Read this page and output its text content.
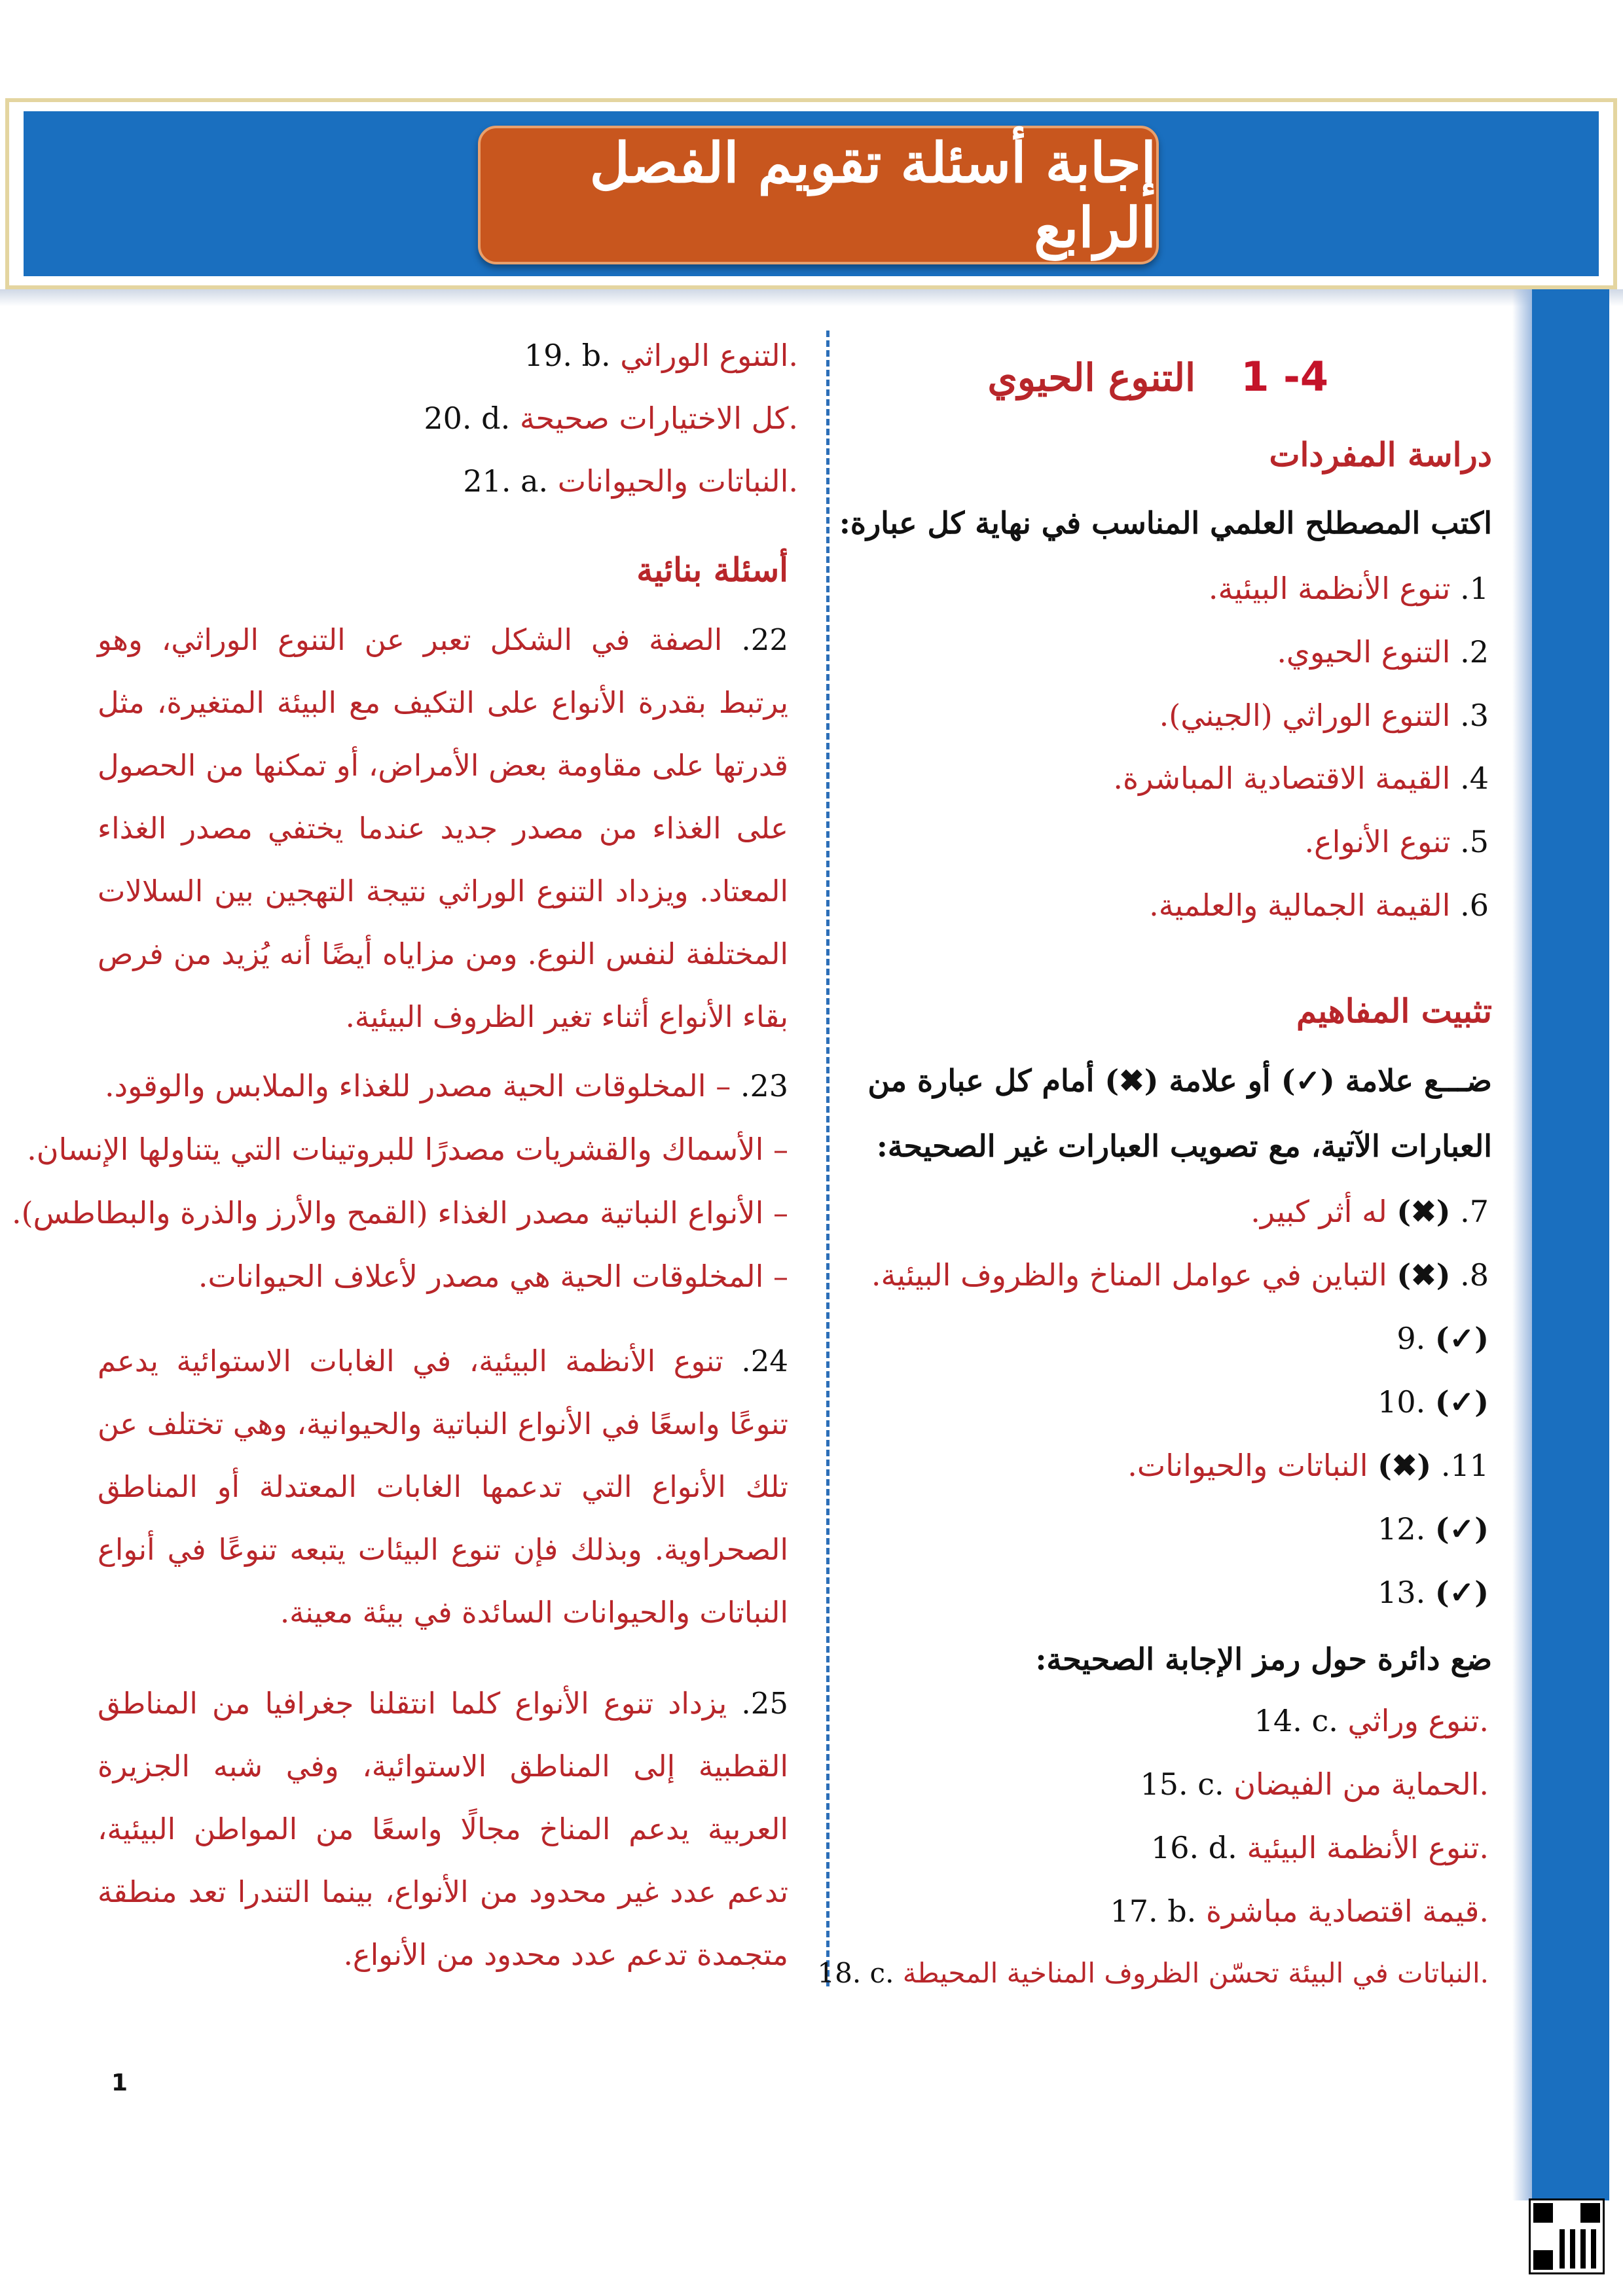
إجابة أسئلة تقويم الفصل الرابع
4- 1  التنوع الحيوي
دراسة المفردات
اكتب المصطلح العلمي المناسب في نهاية كل عبارة:
1. تنوع الأنظمة البيئية.
2. التنوع الحيوي.
3. التنوع الوراثي (الجيني).
4. القيمة الاقتصادية المباشرة.
5. تنوع الأنواع.
6. القيمة الجمالية والعلمية.
تثبيت المفاهيم
ضـــع علامة (✓) أو علامة (✖) أمام كل عبارة من
العبارات الآتية، مع تصويب العبارات غير الصحيحة:
7. (✖) له أثر كبير.
8. (✖) التباين في عوامل المناخ والظروف البيئية.
9. (✓)
10. (✓)
11. (✖) النباتات والحيوانات.
12. (✓)
13. (✓)
ضع دائرة حول رمز الإجابة الصحيحة:
14. c. تنوع وراثي.
15. c. الحماية من الفيضان.
16. d. تنوع الأنظمة البيئية.
17. b. قيمة اقتصادية مباشرة.
18. c. النباتات في البيئة تحسّن الظروف المناخية المحيطة.
19. b. التنوع الوراثي.
20. d. كل الاختيارات صحيحة.
21. a. النباتات والحيوانات.
أسئلة بنائية
22. الصفة في الشكل تعبر عن التنوع الوراثي، وهو يرتبط بقدرة الأنواع على التكيف مع البيئة المتغيرة، مثل قدرتها على مقاومة بعض الأمراض، أو تمكنها من الحصول على الغذاء من مصدر جديد عندما يختفي مصدر الغذاء المعتاد. ويزداد التنوع الوراثي نتيجة التهجين بين السلالات المختلفة لنفس النوع. ومن مزاياه أيضًا أنه يُزيد من فرص بقاء الأنواع أثناء تغير الظروف البيئية.
23. – المخلوقات الحية مصدر للغذاء والملابس والوقود.
– الأسماك والقشريات مصدرًا للبروتينات التي يتناولها الإنسان.
– الأنواع النباتية مصدر الغذاء (القمح والأرز والذرة والبطاطس).
– المخلوقات الحية هي مصدر لأعلاف الحيوانات.
24. تنوع الأنظمة البيئية، في الغابات الاستوائية يدعم تنوعًا واسعًا في الأنواع النباتية والحيوانية، وهي تختلف عن تلك الأنواع التي تدعمها الغابات المعتدلة أو المناطق الصحراوية. وبذلك فإن تنوع البيئات يتبعه تنوعًا في أنواع النباتات والحيوانات السائدة في بيئة معينة.
25. يزداد تنوع الأنواع كلما انتقلنا جغرافيا من المناطق القطبية إلى المناطق الاستوائية، وفي شبه الجزيرة العربية يدعم المناخ مجالًا واسعًا من المواطن البيئية، تدعم عدد غير محدود من الأنواع، بينما التندرا تعد منطقة متجمدة تدعم عدد محدود من الأنواع.
1
